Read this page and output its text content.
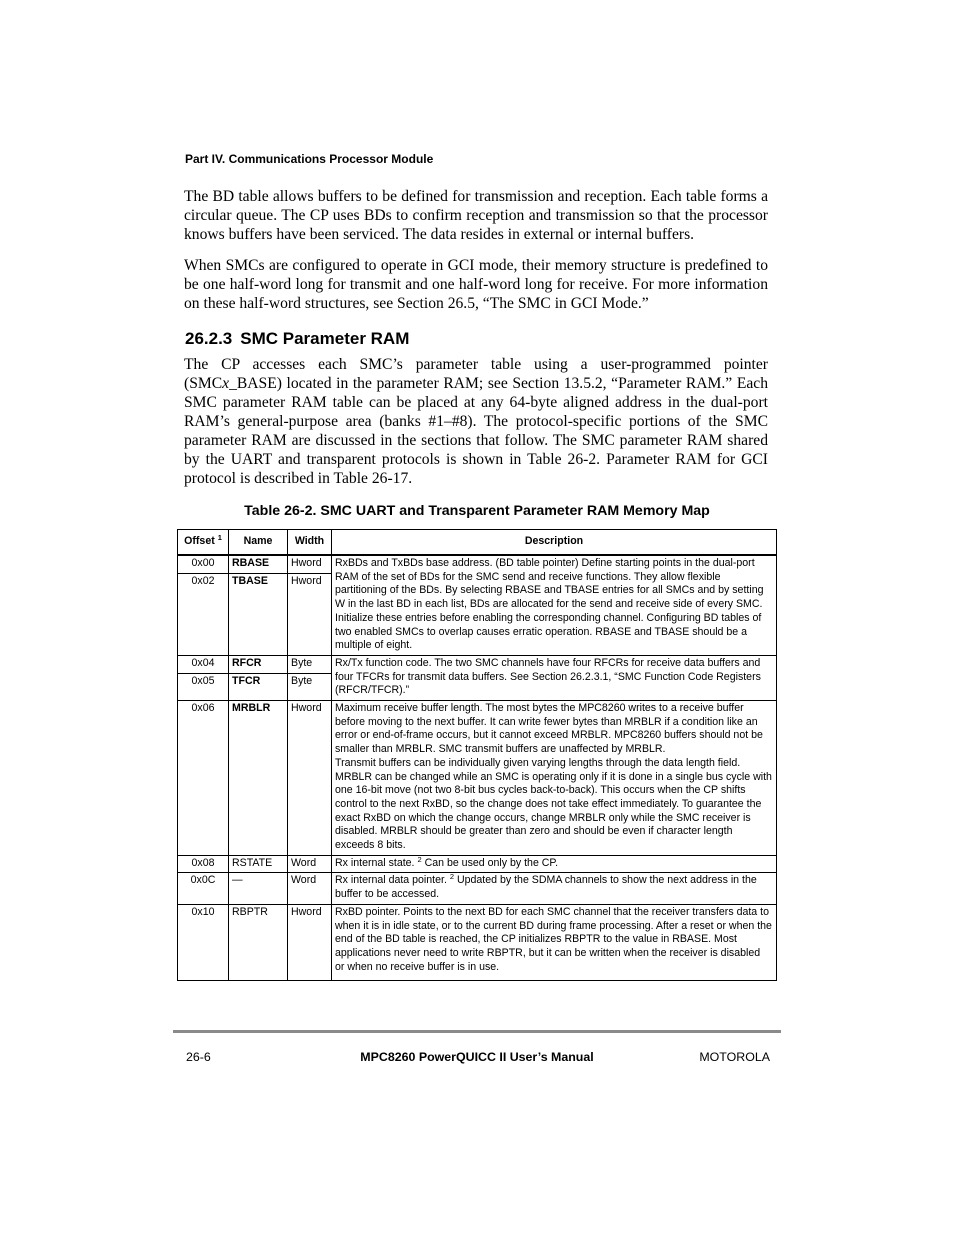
Part IV. Communications Processor Module

The BD table allows buffers to be defined for transmission and reception. Each table forms a circular queue. The CP uses BDs to confirm reception and transmission so that the processor knows buffers have been serviced. The data resides in external or internal buffers.

When SMCs are configured to operate in GCI mode, their memory structure is predefined to be one half-word long for transmit and one half-word long for receive. For more information on these half-word structures, see Section 26.5, “The SMC in GCI Mode.”

26.2.3 SMC Parameter RAM

The CP accesses each SMC’s parameter table using a user-programmed pointer (SMCx_BASE) located in the parameter RAM; see Section 13.5.2, “Parameter RAM.” Each SMC parameter RAM table can be placed at any 64-byte aligned address in the dual-port RAM’s general-purpose area (banks #1–#8). The protocol-specific portions of the SMC parameter RAM are discussed in the sections that follow. The SMC parameter RAM shared by the UART and transparent protocols is shown in Table 26-2. Parameter RAM for GCI protocol is described in Table 26-17.

Table 26-2. SMC UART and Transparent Parameter RAM Memory Map
Offset $^1$	Name	Width	Description
0x00	RBASE	Hword	RxBDs and TxBDs base address. (BD table pointer) Define starting points in the dual-port RAM of the set of BDs for the SMC send and receive functions. They allow flexible partitioning of the BDs. By selecting RBASE and TBASE entries for all SMCs and by setting W in the last BD in each list, BDs are allocated for the send and receive side of every SMC. Initialize these entries before enabling the corresponding channel. Configuring BD tables of two enabled SMCs to overlap causes erratic operation. RBASE and TBASE should be a multiple of eight.
0x02	TBASE	Hword	
0x04	RFCR	Byte	Rx/Tx function code. The two SMC channels have four RFCRs for receive data buffers and four TFCRs for transmit data buffers. See Section 26.2.3.1, “SMC Function Code Registers (RFCR/TFCR).”
0x05	TFCR	Byte	
0x06	MRBLR	Hword	Maximum receive buffer length. The most bytes the MPC8260 writes to a receive buffer before moving to the next buffer. It can write fewer bytes than MRBLR if a condition like an error or end-of-frame occurs, but it cannot exceed MRBLR. MPC8260 buffers should not be smaller than MRBLR. SMC transmit buffers are unaffected by MRBLR.

Transmit buffers can be individually given varying lengths through the data length field.

MRBLR can be changed while an SMC is operating only if it is done in a single bus cycle with one 16-bit move (not two 8-bit bus cycles back-to-back). This occurs when the CP shifts control to the next RxBD, so the change does not take effect immediately. To guarantee the exact RxBD on which the change occurs, change MRBLR only while the SMC receiver is disabled. MRBLR should be greater than zero and should be even if character length exceeds 8 bits.

0x08	RSTATE	Word	Rx internal state. $^2$ Can be used only by the CP.
0x0C	—	Word	Rx internal data pointer. $^2$ Updated by the SDMA channels to show the next address in the buffer to be accessed.
0x10	RBPTR	Hword	RxBD pointer. Points to the next BD for each SMC channel that the receiver transfers data to when it is in idle state, or to the current BD during frame processing. After a reset or when the end of the BD table is reached, the CP initializes RBPTR to the value in RBASE. Most applications never need to write RBPTR, but it can be written when the receiver is disabled or when no receive buffer is in use.
26-6	MPC8260 PowerQUICC II User’s Manual	MOTOROLA
